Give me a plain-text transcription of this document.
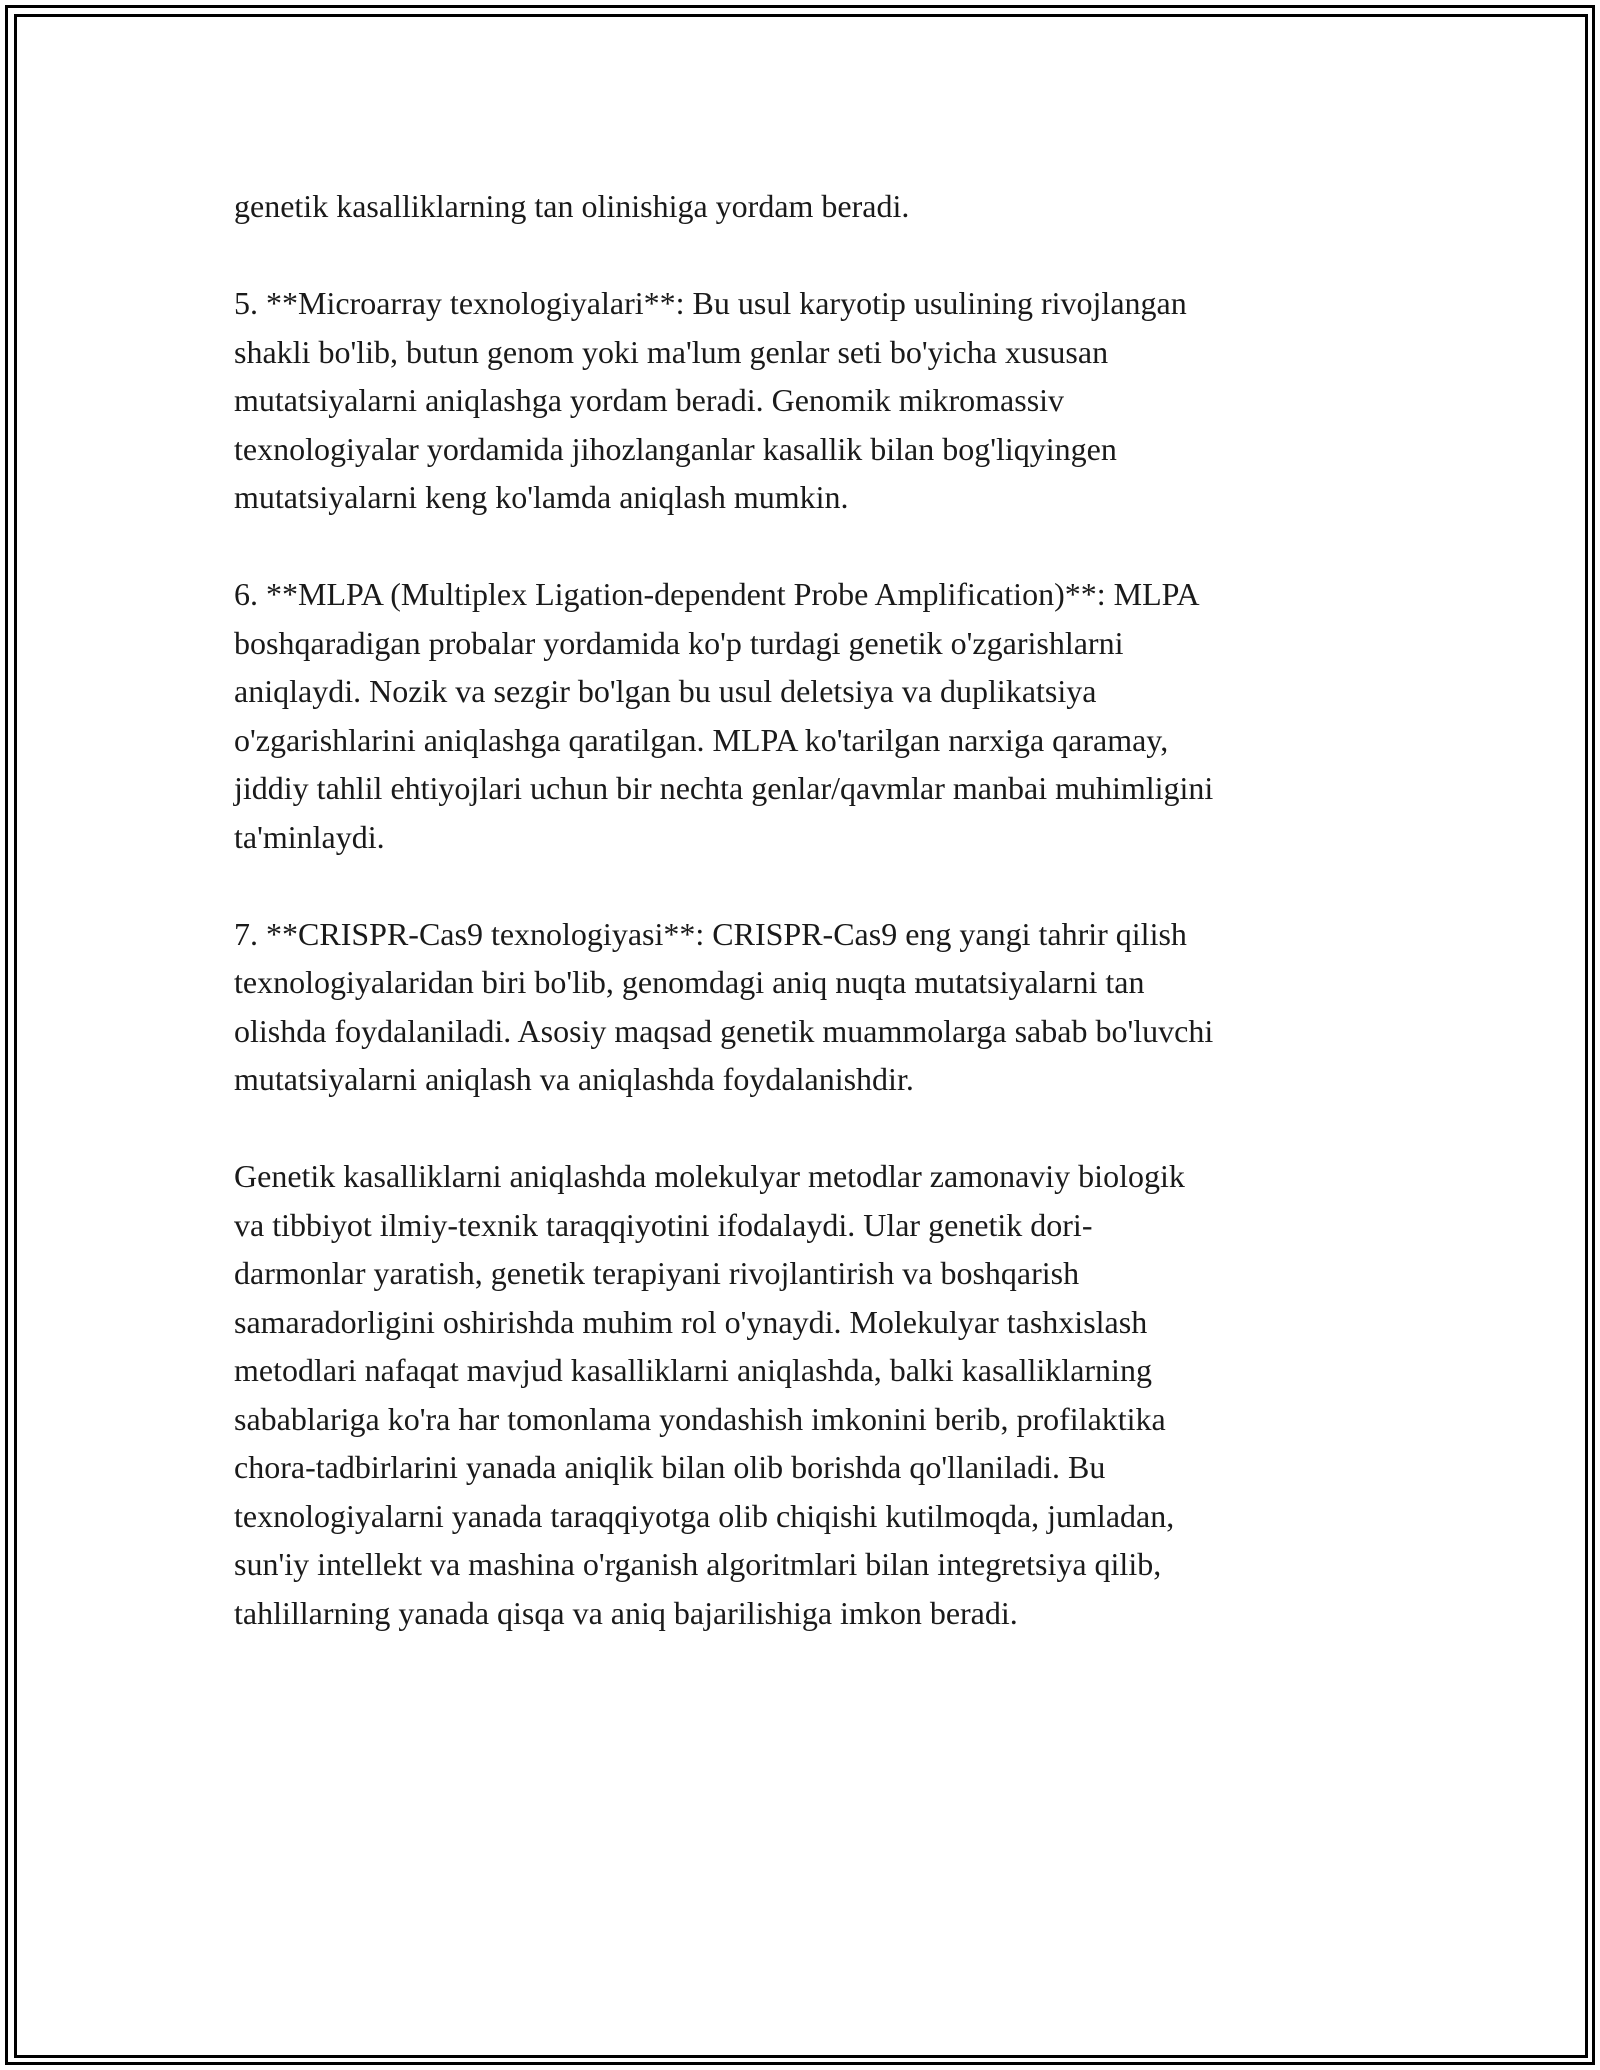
genetik kasalliklarning tan olinishiga yordam beradi.

5. **Microarray texnologiyalari**: Bu usul karyotip usulining rivojlangan
shakli bo'lib, butun genom yoki ma'lum genlar seti bo'yicha xususan
mutatsiyalarni aniqlashga yordam beradi. Genomik mikromassiv
texnologiyalar yordamida jihozlanganlar kasallik bilan bog'liqyingen
mutatsiyalarni keng ko'lamda aniqlash mumkin.

6. **MLPA (Multiplex Ligation-dependent Probe Amplification)**: MLPA
boshqaradigan probalar yordamida ko'p turdagi genetik o'zgarishlarni
aniqlaydi. Nozik va sezgir bo'lgan bu usul deletsiya va duplikatsiya
o'zgarishlarini aniqlashga qaratilgan. MLPA ko'tarilgan narxiga qaramay,
jiddiy tahlil ehtiyojlari uchun bir nechta genlar/qavmlar manbai muhimligini
ta'minlaydi.

7. **CRISPR-Cas9 texnologiyasi**: CRISPR-Cas9 eng yangi tahrir qilish
texnologiyalaridan biri bo'lib, genomdagi aniq nuqta mutatsiyalarni tan
olishda foydalaniladi. Asosiy maqsad genetik muammolarga sabab bo'luvchi
mutatsiyalarni aniqlash va aniqlashda foydalanishdir.

Genetik kasalliklarni aniqlashda molekulyar metodlar zamonaviy biologik
va tibbiyot ilmiy-texnik taraqqiyotini ifodalaydi. Ular genetik dori-
darmonlar yaratish, genetik terapiyani rivojlantirish va boshqarish
samaradorligini oshirishda muhim rol o'ynaydi. Molekulyar tashxislash
metodlari nafaqat mavjud kasalliklarni aniqlashda, balki kasalliklarning
sabablariga ko'ra har tomonlama yondashish imkonini berib, profilaktika
chora-tadbirlarini yanada aniqlik bilan olib borishda qo'llaniladi. Bu
texnologiyalarni yanada taraqqiyotga olib chiqishi kutilmoqda, jumladan,
sun'iy intellekt va mashina o'rganish algoritmlari bilan integretsiya qilib,
tahlillarning yanada qisqa va aniq bajarilishiga imkon beradi.
